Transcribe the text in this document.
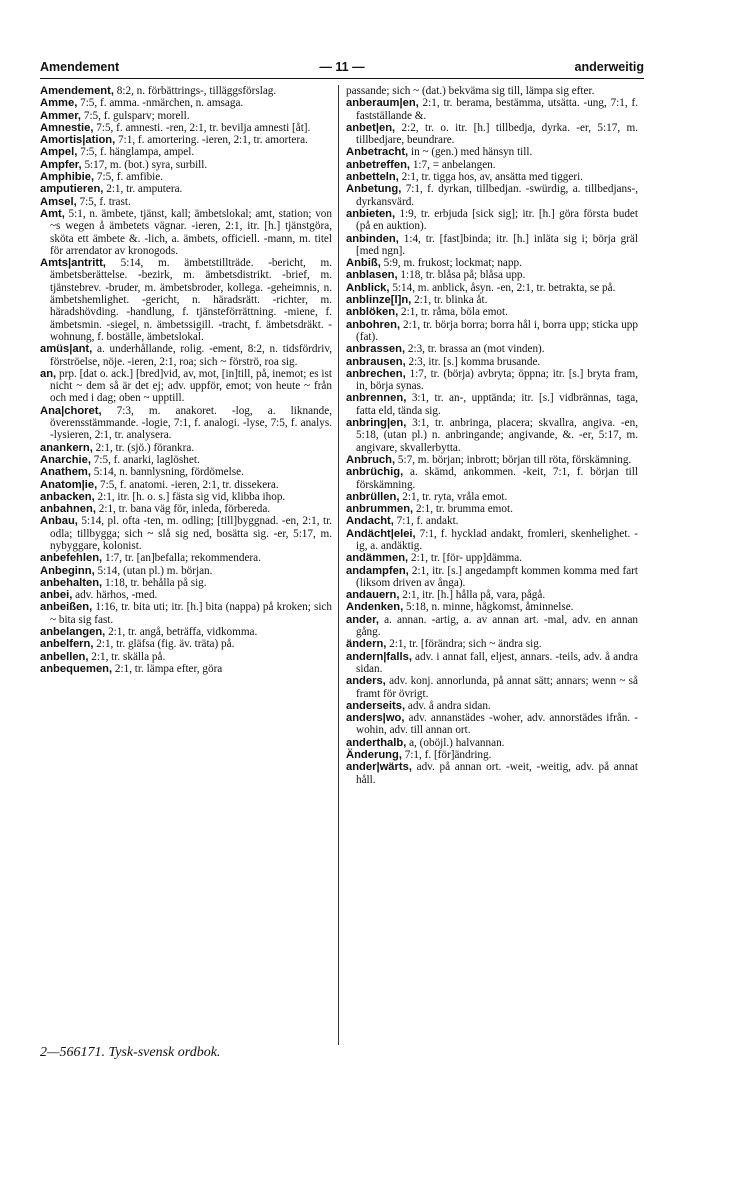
Amendement	— 11 —	anderweitig
Amendement, 8:2, n. förbättrings-, tilläggsförslag.
Amme, 7:5, f. amma. -nmärchen, n. amsaga.
Ammer, 7:5, f. gulsparv; morell.
Amnestie, 7:5, f. amnesti. -ren, 2:1, tr. bevilja amnesti [åt].
Amortis|ation, 7:1, f. amortering. -ieren, 2:1, tr. amortera.
Ampel, 7:5, f. hänglampa, ampel.
Ampfer, 5:17, m. (bot.) syra, surbill.
Amphibie, 7:5, f. amfibie.
amputieren, 2:1, tr. amputera.
Amsel, 7:5, f. trast.
Amt, 5:1, n. ämbete, tjänst, kall; ämbetslokal; amt, station; von ~s wegen å ämbetets vägnar. -ieren, 2:1, itr. [h.] tjänstgöra, sköta ett ämbete &. -lich, a. ämbets, officiell. -mann, m. titel för arrendator av kronogods.
Amts|antritt, 5:14, m. ämbetstillträde. -bericht, m. ämbetsberättelse. -bezirk, m. ämbetsdistrikt. -brief, m. tjänstebrev. -bruder, m. ämbetsbroder, kollega. -geheimnis, n. ämbetshemlighet. -gericht, n. häradsrätt. -richter, m. häradshövding. -handlung, f. tjänsteförrättning. -miene, f. ämbetsmin. -siegel, n. ämbetssigill. -tracht, f. ämbetsdräkt. -wohnung, f. boställe, ämbetslokal.
amüs|ant, a. underhållande, rolig. -ement, 8:2, n. tidsfördriv, förströelse, nöje. -ieren, 2:1, roa; sich ~ förströ, roa sig.
an, prp. [dat o. ack.] [bred]vid, av, mot, [in]till, på, inemot; es ist nicht ~ dem så är det ej; adv. uppför, emot; von heute ~ från och med i dag; oben ~ upptill.
Ana|choret, 7:3, m. anakoret. -log, a. liknande, överensstämmande. -logie, 7:1, f. analogi. -lyse, 7:5, f. analys. -lysieren, 2:1, tr. analysera.
anankern, 2:1, tr. (sjö.) förankra.
Anarchie, 7:5, f. anarki, laglöshet.
Anathem, 5:14, n. bannlysning, fördömelse.
Anatom|ie, 7:5, f. anatomi. -ieren, 2:1, tr. dissekera.
anbacken, 2:1, itr. [h. o. s.] fästa sig vid, klibba ihop.
anbahnen, 2:1, tr. bana väg för, inleda, förbereda.
Anbau, 5:14, pl. ofta -ten, m. odling; [till]byggnad. -en, 2:1, tr. odla; tillbygga; sich ~ slå sig ned, bosätta sig. -er, 5:17, m. nybyggare, kolonist.
anbefehlen, 1:7, tr. [an]befalla; rekommendera.
Anbeginn, 5:14, (utan pl.) m. början.
anbehalten, 1:18, tr. behålla på sig.
anbei, adv. härhos, -med.
anbeißen, 1:16, tr. bita uti; itr. [h.] bita (nappa) på kroken; sich ~ bita sig fast.
anbelangen, 2:1, tr. angå, beträffa, vidkomma.
anbelfern, 2:1, tr. gläfsa (fig. äv. träta) på.
anbellen, 2:1, tr. skälla på.
anbequemen, 2:1, tr. lämpa efter, göra
passande; sich ~ (dat.) bekväma sig till, lämpa sig efter.
anberaum|en, 2:1, tr. berama, bestämma, utsätta. -ung, 7:1, f. fastställande &.
anbet|en, 2:2, tr. o. itr. [h.] tillbedja, dyrka. -er, 5:17, m. tillbedjare, beundrare.
Anbetracht, in ~ (gen.) med hänsyn till.
anbetreffen, 1:7, = anbelangen.
anbetteln, 2:1, tr. tigga hos, av, ansätta med tiggeri.
Anbetung, 7:1, f. dyrkan, tillbedjan. -swürdig, a. tillbedjans-, dyrkansvärd.
anbieten, 1:9, tr. erbjuda [sick sig]; itr. [h.] göra första budet (på en auktion).
anbinden, 1:4, tr. [fast]binda; itr. [h.] inläta sig i; börja gräl [med ngn].
Anbiß, 5:9, m. frukost; lockmat; napp.
anblasen, 1:18, tr. blåsa på; blåsa upp.
Anblick, 5:14, m. anblick, åsyn. -en, 2:1, tr. betrakta, se på.
anblinze[l]n, 2:1, tr. blinka åt.
anblöken, 2:1, tr. råma, böla emot.
anbohren, 2:1, tr. börja borra; borra hål i, borra upp; sticka upp (fat).
anbrassen, 2:3, tr. brassa an (mot vinden).
anbrausen, 2:3, itr. [s.] komma brusande.
anbrechen, 1:7, tr. (börja) avbryta; öppna; itr. [s.] bryta fram, in, börja synas.
anbrennen, 3:1, tr. an-, upptända; itr. [s.] vidbrännas, taga, fatta eld, tända sig.
anbring|en, 3:1, tr. anbringa, placera; skvallra, angiva. -en, 5:18, (utan pl.) n. anbringande; angivande, &. -er, 5:17, m. angivare, skvallerbytta.
Anbruch, 5:7, m. början; inbrott; början till röta, förskämning.
anbrüchig, a. skämd, ankommen. -keit, 7:1, f. början till förskämning.
anbrüllen, 2:1, tr. ryta, vråla emot.
anbrummen, 2:1, tr. brumma emot.
Andacht, 7:1, f. andakt.
Andächt|elei, 7:1, f. hycklad andakt, fromleri, skenhelighet. -ig, a. andäktig.
andämmen, 2:1, tr. [för- upp]dämma.
andampfen, 2:1, itr. [s.] angedampft kommen komma med fart (liksom driven av ånga).
andauern, 2:1, itr. [h.] hålla på, vara, pågå.
Andenken, 5:18, n. minne, hågkomst, åminnelse.
ander, a. annan. -artig, a. av annan art. -mal, adv. en annan gång.
ändern, 2:1, tr. [förändra; sich ~ ändra sig.
andern|falls, adv. i annat fall, eljest, annars. -teils, adv. å andra sidan.
anders, adv. konj. annorlunda, på annat sätt; annars; wenn ~ så framt för övrigt.
anderseits, adv. å andra sidan.
anders|wo, adv. annanstädes -woher, adv. annorstädes ifrån. -wohin, adv. till annan ort.
anderthalb, a, (oböjl.) halvannan.
Änderung, 7:1, f. [för]ändring.
ander|wärts, adv. på annan ort. -weit, -weitig, adv. på annat håll.
2—566171. Tysk-svensk ordbok.
